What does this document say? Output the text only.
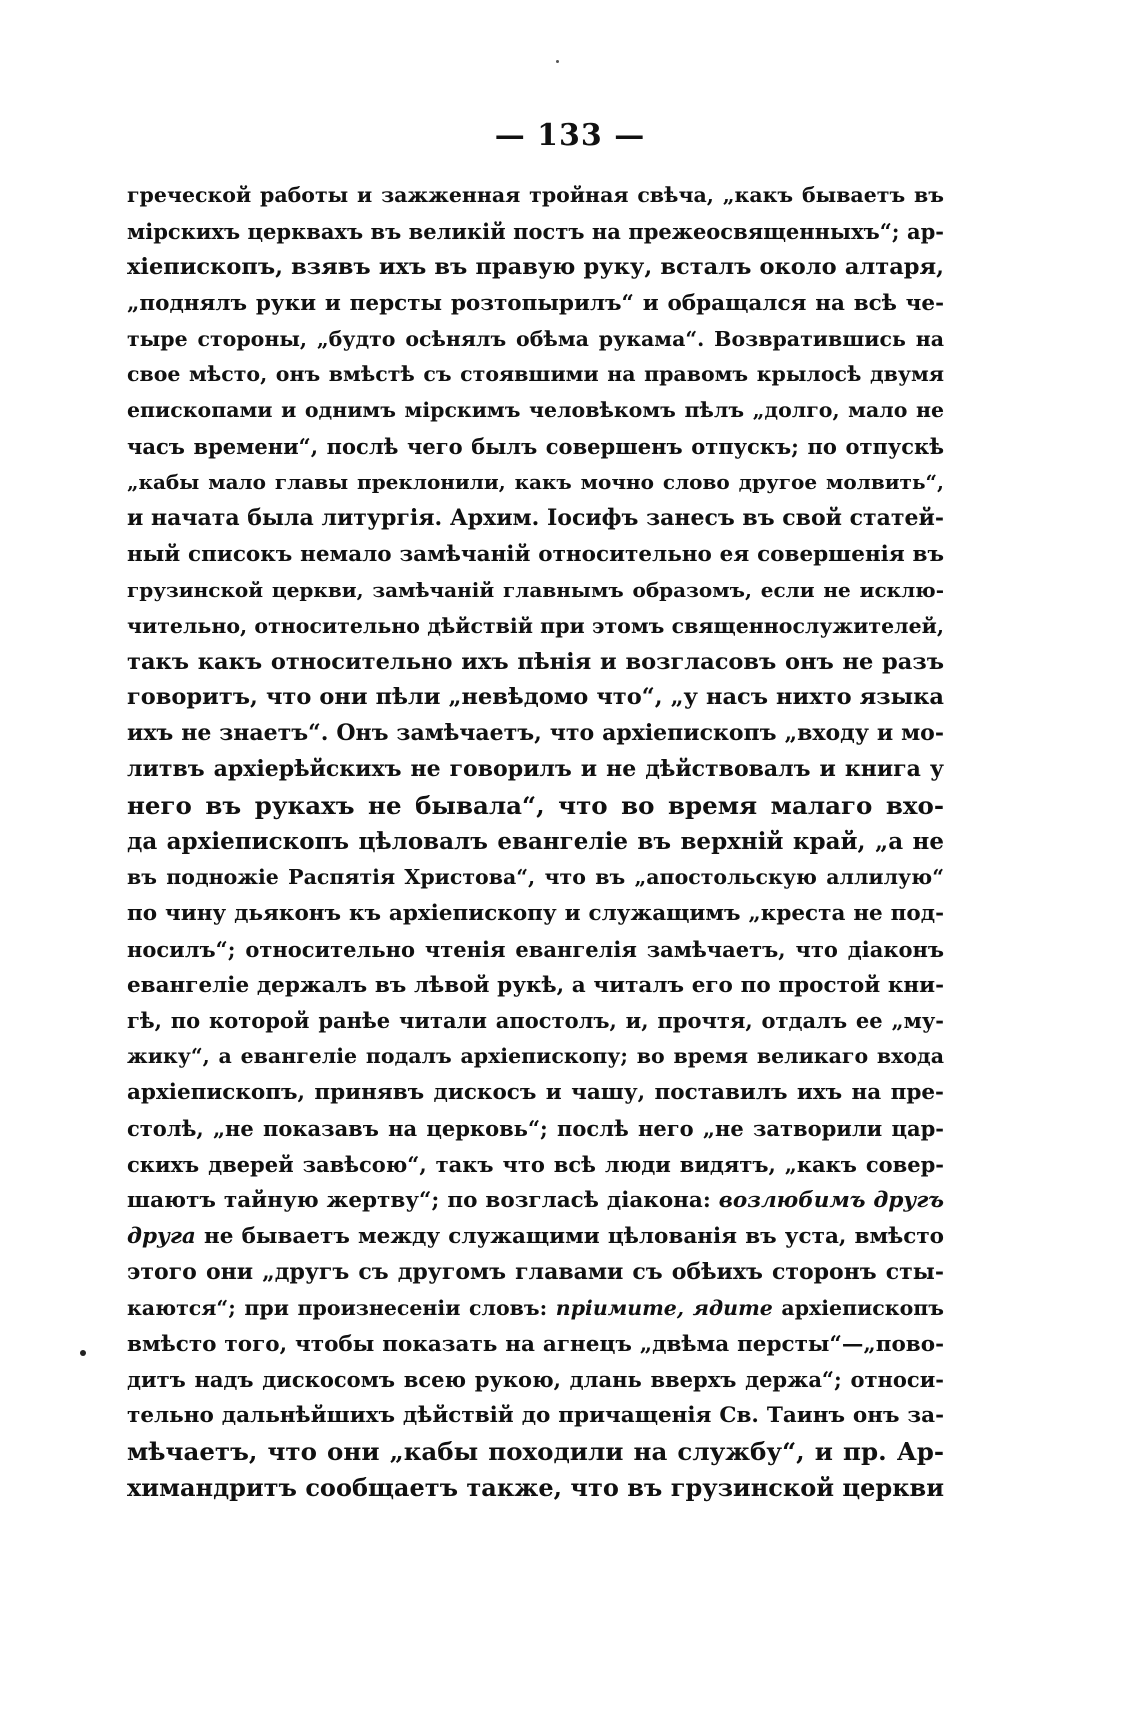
— 133 —
греческой работы и зажженная тройная свѣча, „какъ бываетъ въ
мірскихъ церквахъ въ великій постъ на прежеосвященныхъ“; ар-
хіепископъ, взявъ ихъ въ правую руку, всталъ около алтаря,
„поднялъ руки и персты розтопырилъ“ и обращался на всѣ че-
тыре стороны, „будто осѣнялъ обѣма рукама“. Возвратившись на
свое мѣсто, онъ вмѣстѣ съ стоявшими на правомъ крылосѣ двумя
епископами и однимъ мірскимъ человѣкомъ пѣлъ „долго, мало не
часъ времени“, послѣ чего былъ совершенъ отпускъ; по отпускѣ
„кабы мало главы преклонили, какъ мочно слово другое молвить“,
и начата была литургія. Архим. Іосифъ занесъ въ свой статей-
ный списокъ немало замѣчаній относительно ея совершенія въ
грузинской церкви, замѣчаній главнымъ образомъ, если не исклю-
чительно, относительно дѣйствій при этомъ священнослужителей,
такъ какъ относительно ихъ пѣнія и возгласовъ онъ не разъ
говоритъ, что они пѣли „невѣдомо что“, „у насъ нихто языка
ихъ не знаетъ“. Онъ замѣчаетъ, что архіепископъ „входу и мо-
литвъ архіерѣйскихъ не говорилъ и не дѣйствовалъ и книга у
него въ рукахъ не бывала“, что во время малаго вхо-
да архіепископъ цѣловалъ евангеліе въ верхній край, „а не
въ подножіе Распятія Христова“, что въ „апостольскую аллилую“
по чину дьяконъ къ архіепископу и служащимъ „креста не под-
носилъ“; относительно чтенія евангелія замѣчаетъ, что діаконъ
евангеліе держалъ въ лѣвой рукѣ, а читалъ его по простой кни-
гѣ, по которой ранѣе читали апостолъ, и, прочтя, отдалъ ее „му-
жику“, а евангеліе подалъ архіепископу; во время великаго входа
архіепископъ, принявъ дискосъ и чашу, поставилъ ихъ на пре-
столѣ, „не показавъ на церковь“; послѣ него „не затворили цар-
скихъ дверей завѣсою“, такъ что всѣ люди видятъ, „какъ совер-
шаютъ тайную жертву“; по возгласѣ діакона: возлюбимъ другъ
друга не бываетъ между служащими цѣлованія въ уста, вмѣсто
этого они „другъ съ другомъ главами съ обѣихъ сторонъ сты-
каются“; при произнесеніи словъ: пріимите, ядите архіепископъ
вмѣсто того, чтобы показать на агнецъ „двѣма персты“—„пово-
дитъ надъ дискосомъ всею рукою, длань вверхъ держа“; относи-
тельно дальнѣйшихъ дѣйствій до причащенія Св. Таинъ онъ за-
мѣчаетъ, что они „кабы походили на службу“, и пр. Ар-
химандритъ сообщаетъ также, что въ грузинской церкви
